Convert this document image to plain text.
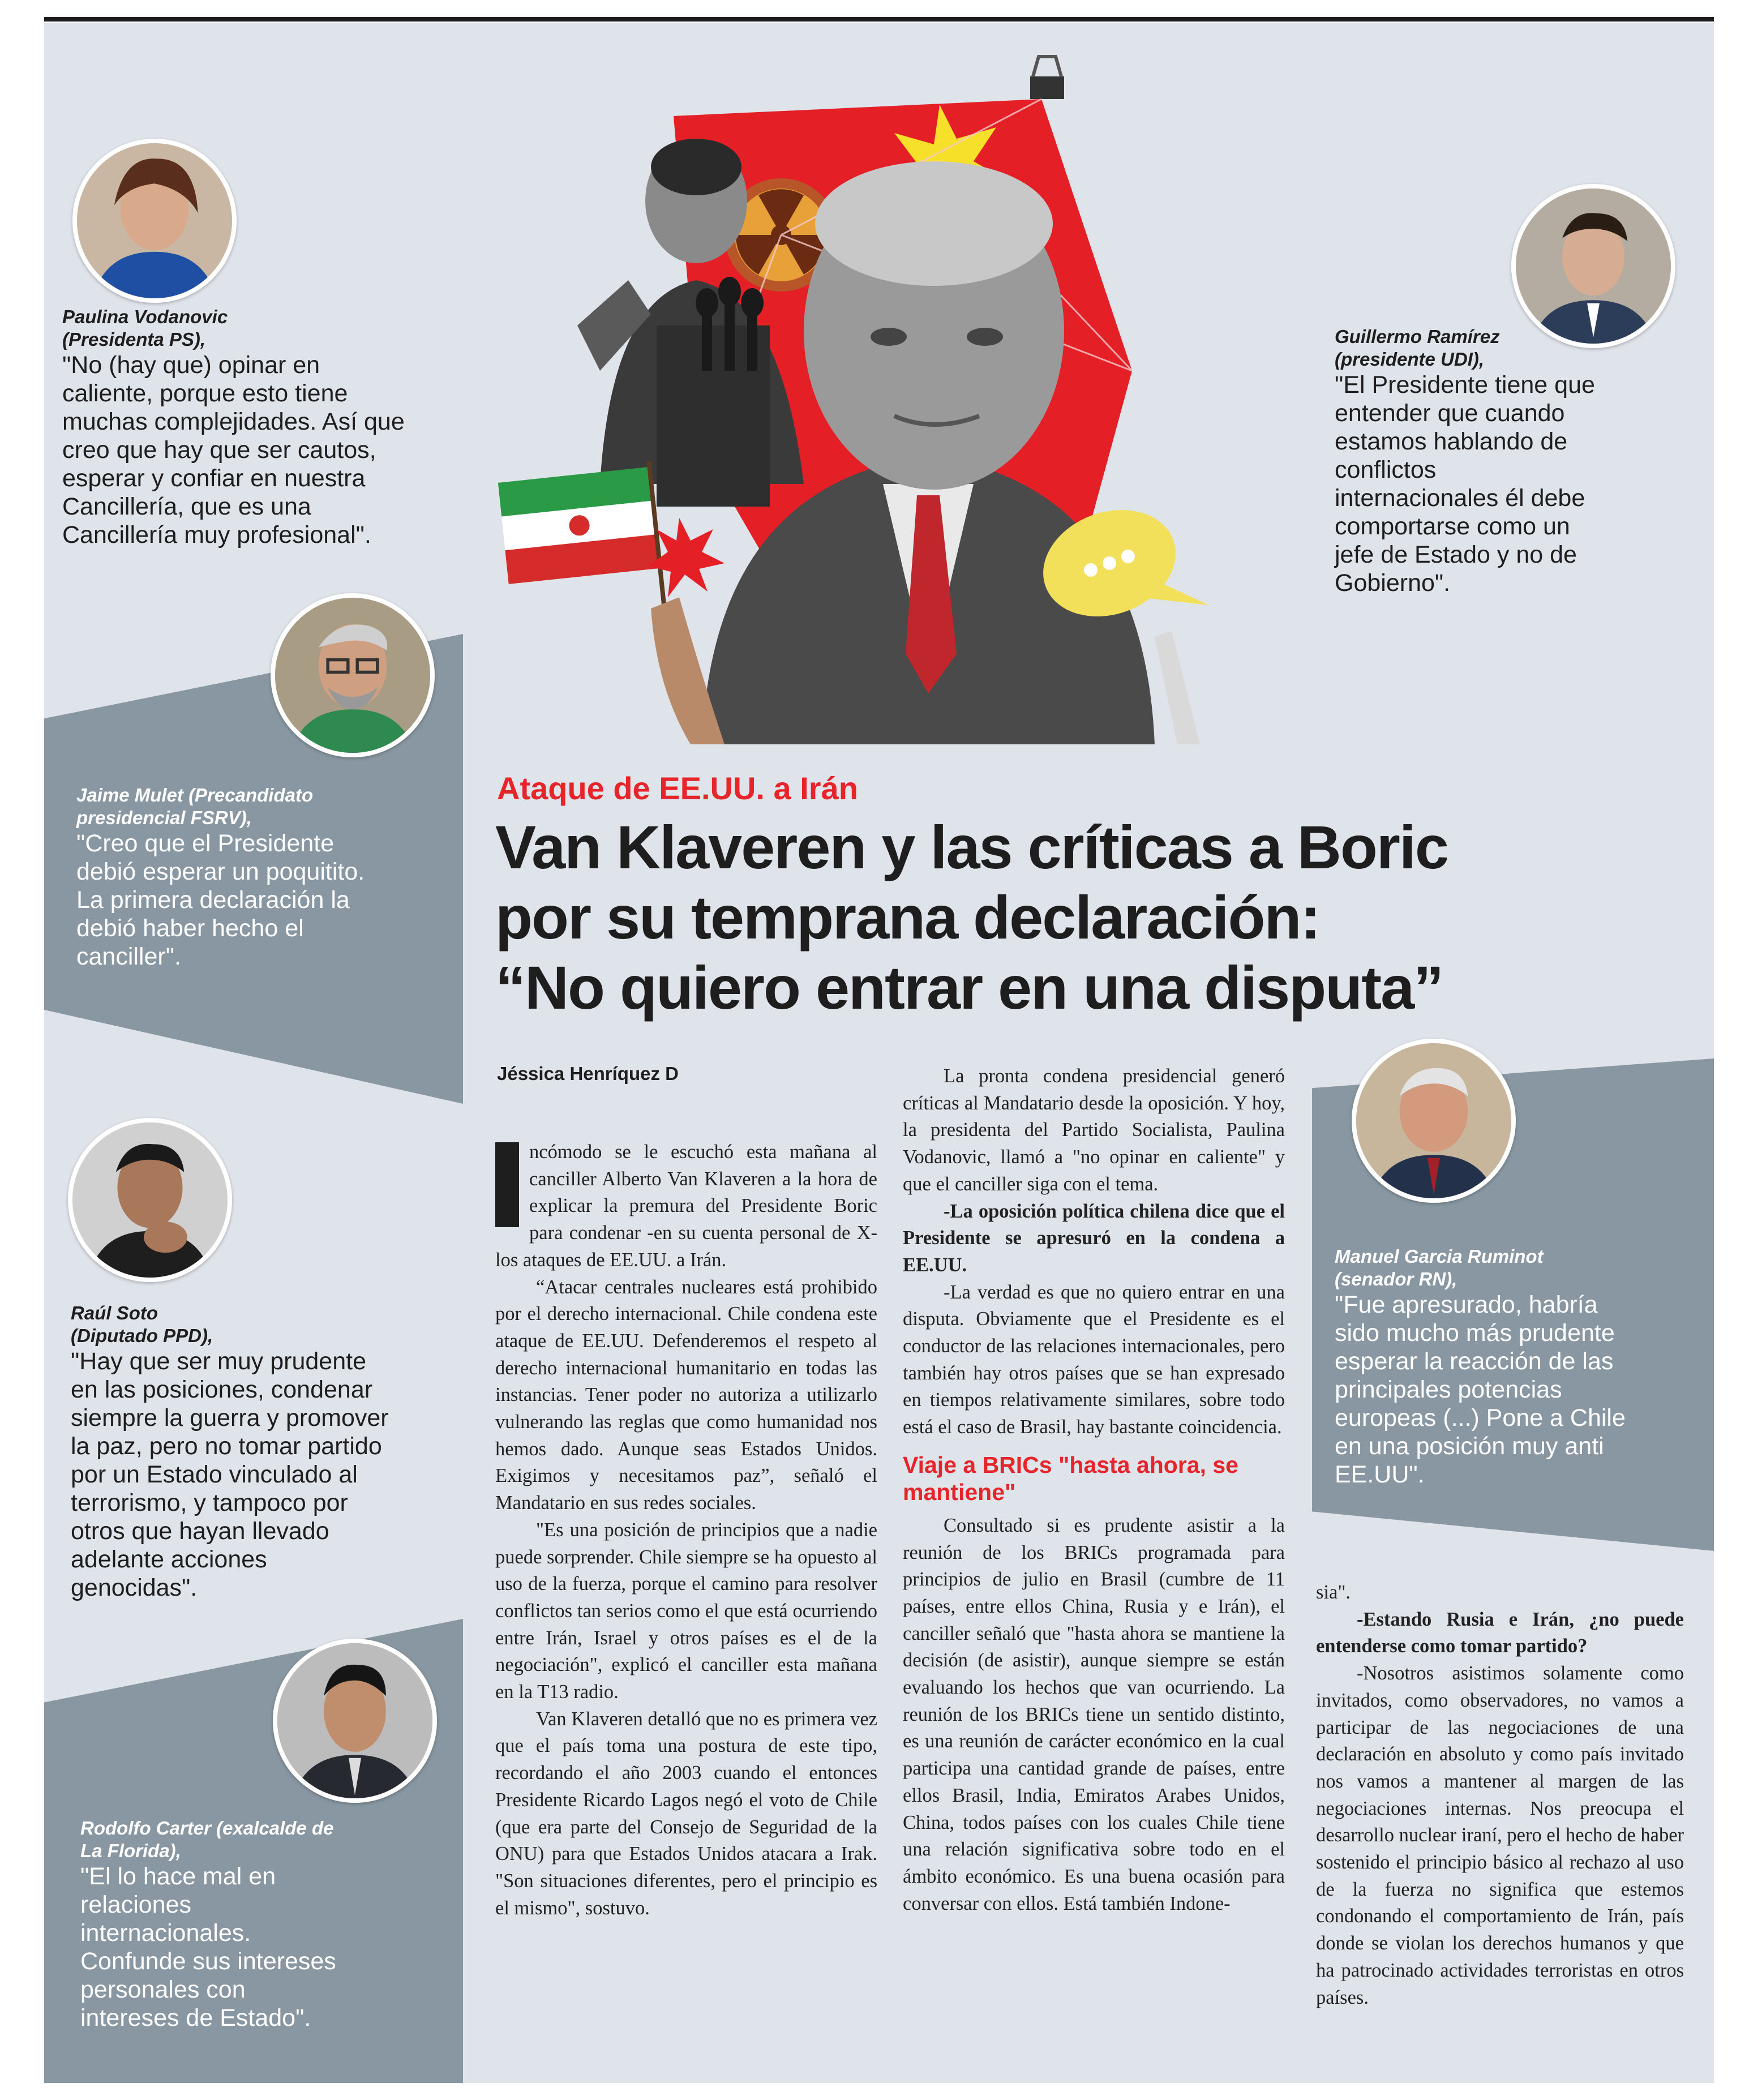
Paulina Vodanovic
(Presidenta PS),
"No (hay que) opinar en
caliente, porque esto tiene
muchas complejidades. Así que
creo que hay que ser cautos,
esperar y confiar en nuestra
Cancillería, que es una
Cancillería muy profesional".
Guillermo Ramírez
(presidente UDI),
"El Presidente tiene que
entender que cuando
estamos hablando de
conflictos
internacionales él debe
comportarse como un
jefe de Estado y no de
Gobierno".
Jaime Mulet (Precandidato
presidencial FSRV),
"Creo que el Presidente
debió esperar un poquitito.
La primera declaración la
debió haber hecho el
canciller".
Raúl Soto
(Diputado PPD),
"Hay que ser muy prudente
en las posiciones, condenar
siempre la guerra y promover
la paz, pero no tomar partido
por un Estado vinculado al
terrorismo, y tampoco por
otros que hayan llevado
adelante acciones
genocidas".
Rodolfo Carter (exalcalde de
La Florida),
"El lo hace mal en
relaciones
internacionales.
Confunde sus intereses
personales con
intereses de Estado".
Manuel Garcia Ruminot
(senador RN),
"Fue apresurado, habría
sido mucho más prudente
esperar la reacción de las
principales potencias
europeas (...) Pone a Chile
en una posición muy anti
EE.UU".
Ataque de EE.UU. a Irán
Van Klaveren y las críticas a Boric
por su temprana declaración:
“No quiero entrar en una disputa”
Jéssica Henríquez D

ncómodo se le escuchó esta mañana al canciller Alberto Van Klaveren a la hora de explicar la premura del Presidente Boric para condenar -en su cuenta personal de X- los ataques de EE.UU. a Irán.

“Atacar centrales nucleares está prohibido por el derecho internacional. Chile condena este ataque de EE.UU. Defenderemos el respeto al derecho internacional humanitario en todas las instancias. Tener poder no autoriza a utilizarlo vulnerando las reglas que como humanidad nos hemos dado. Aunque seas Estados Unidos. Exigimos y necesitamos paz”, señaló el Mandatario en sus redes sociales.

"Es una posición de principios que a nadie puede sorprender. Chile siempre se ha opuesto al uso de la fuerza, porque el camino para resolver conflictos tan serios como el que está ocurriendo entre Irán, Israel y otros países es el de la negociación", explicó el canciller esta mañana en la T13 radio.

Van Klaveren detalló que no es primera vez que el país toma una postura de este tipo, recordando el año 2003 cuando el entonces Presidente Ricardo Lagos negó el voto de Chile (que era parte del Consejo de Seguridad de la ONU) para que Estados Unidos atacara a Irak. "Son situaciones diferentes, pero el principio es el mismo", sostuvo.

La pronta condena presidencial generó críticas al Mandatario desde la oposición. Y hoy, la presidenta del Partido Socialista, Paulina Vodanovic, llamó a "no opinar en caliente" y que el canciller siga con el tema.

-La oposición política chilena dice que el Presidente se apresuró en la condena a EE.UU.

-La verdad es que no quiero entrar en una disputa. Obviamente que el Presidente es el conductor de las relaciones internacionales, pero también hay otros países que se han expresado en tiempos relativamente similares, sobre todo está el caso de Brasil, hay bastante coincidencia.

Viaje a BRICs "hasta ahora, se mantiene"

Consultado si es prudente asistir a la reunión de los BRICs programada para principios de julio en Brasil (cumbre de 11 países, entre ellos China, Rusia y e Irán), el canciller señaló que "hasta ahora se mantiene la decisión (de asistir), aunque siempre se están evaluando los hechos que van ocurriendo. La reunión de los BRICs tiene un sentido distinto, es una reunión de carácter económico en la cual participa una cantidad grande de países, entre ellos Brasil, India, Emiratos Arabes Unidos, China, todos países con los cuales Chile tiene una relación significativa sobre todo en el ámbito económico. Es una buena ocasión para conversar con ellos. Está también Indone-

sia".

-Estando Rusia e Irán, ¿no puede entenderse como tomar partido?

-Nosotros asistimos solamente como invitados, como observadores, no vamos a participar de las negociaciones de una declaración en absoluto y como país invitado nos vamos a mantener al margen de las negociaciones internas. Nos preocupa el desarrollo nuclear iraní, pero el hecho de haber sostenido el principio básico al rechazo al uso de la fuerza no significa que estemos condonando el comportamiento de Irán, país donde se violan los derechos humanos y que ha patrocinado actividades terroristas en otros países.
